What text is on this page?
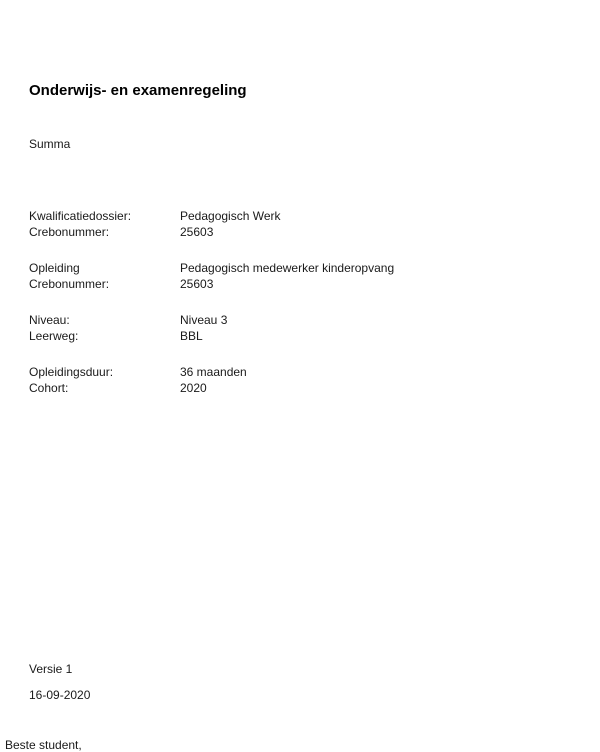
Onderwijs- en examenregeling
Summa
Kwalificatiedossier:	Pedagogisch Werk
Crebonummer:	25603
Opleiding	Pedagogisch medewerker kinderopvang
Crebonummer:	25603
Niveau:	Niveau 3
Leerweg:	BBL
Opleidingsduur:	36 maanden
Cohort:	2020
Versie 1
16-09-2020
Beste student,
